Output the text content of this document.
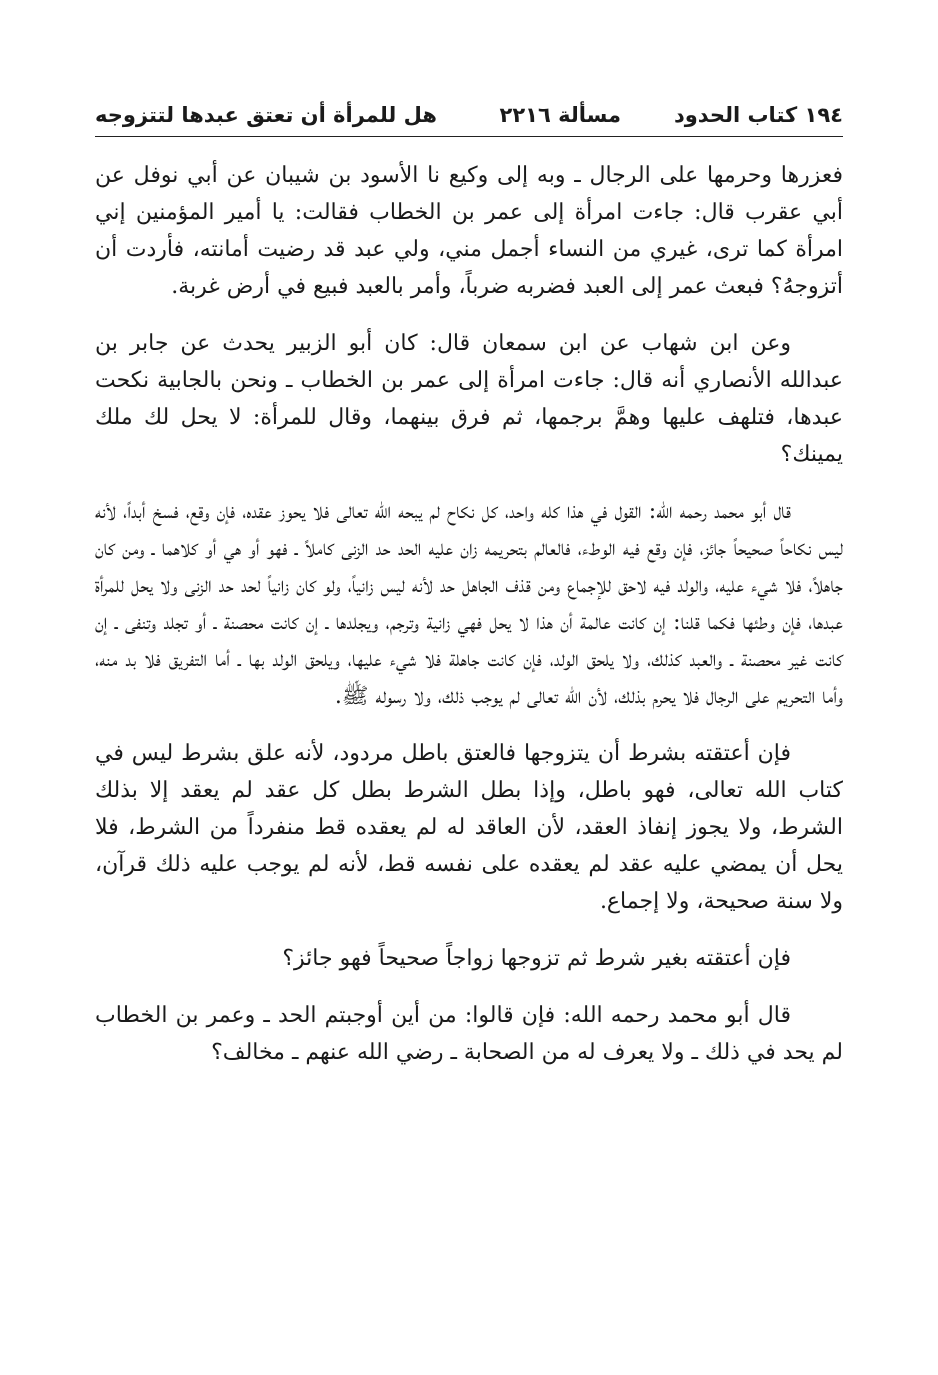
١٩٤ كتاب الحدود
مسألة ٢٢١٦
هل للمرأة أن تعتق عبدها لتتزوجه

فعزرها وحرمها على الرجال ـ وبه إلى وكيع نا الأسود بن شيبان عن أبي نوفل عن أبي عقرب قال: جاءت امرأة إلى عمر بن الخطاب فقالت: يا أمير المؤمنين إني امرأة كما ترى، غيري من النساء أجمل مني، ولي عبد قد رضيت أمانته، فأردت أن أتزوجهُ؟ فبعث عمر إلى العبد فضربه ضرباً، وأمر بالعبد فبيع في أرض غربة.

وعن ابن شهاب عن ابن سمعان قال: كان أبو الزبير يحدث عن جابر بن عبدالله الأنصاري أنه قال: جاءت امرأة إلى عمر بن الخطاب ـ ونحن بالجابية نكحت عبدها، فتلهف عليها وهمَّ برجمها، ثم فرق بينهما، وقال للمرأة: لا يحل لك ملك يمينك؟

قال أبو محمد رحمه الله: القول في هذا كله واحد، كل نكاح لم يبحه الله تعالى فلا يحوز عقده، فإن وقع، فسخ أبداً، لأنه ليس نكاحاً صحيحاً جائز، فإن وقع فيه الوطء، فالعالم بتحريمه زان عليه الحد حد الزنى كاملاً ـ فهو أو هي أو كلاهما ـ ومن كان جاهلاً، فلا شيء عليه، والولد فيه لاحق للإجماع ومن قذف الجاهل حد لأنه ليس زانياً، ولو كان زانياً لحد حد الزنى ولا يحل للمرأة عبدها، فإن وطئها فكما قلنا: إن كانت عالمة أن هذا لا يحل فهي زانية وترجم، ويجلدها ـ إن كانت محصنة ـ أو تجلد وتنفى ـ إن كانت غير محصنة ـ والعبد كذلك، ولا يلحق الولد، فإن كانت جاهلة فلا شيء عليها، ويلحق الولد بها ـ أما التفريق فلا بد منه، وأما التحريم على الرجال فلا يحرم بذلك، لأن الله تعالى لم يوجب ذلك، ولا رسوله ﷺ.

فإن أعتقته بشرط أن يتزوجها فالعتق باطل مردود، لأنه علق بشرط ليس في كتاب الله تعالى، فهو باطل، وإذا بطل الشرط بطل كل عقد لم يعقد إلا بذلك الشرط، ولا يجوز إنفاذ العقد، لأن العاقد له لم يعقده قط منفرداً من الشرط، فلا يحل أن يمضي عليه عقد لم يعقده على نفسه قط، لأنه لم يوجب عليه ذلك قرآن، ولا سنة صحيحة، ولا إجماع.

فإن أعتقته بغير شرط ثم تزوجها زواجاً صحيحاً فهو جائز؟

قال أبو محمد رحمه الله: فإن قالوا: من أين أوجبتم الحد ـ وعمر بن الخطاب لم يحد في ذلك ـ ولا يعرف له من الصحابة ـ رضي الله عنهم ـ مخالف؟
